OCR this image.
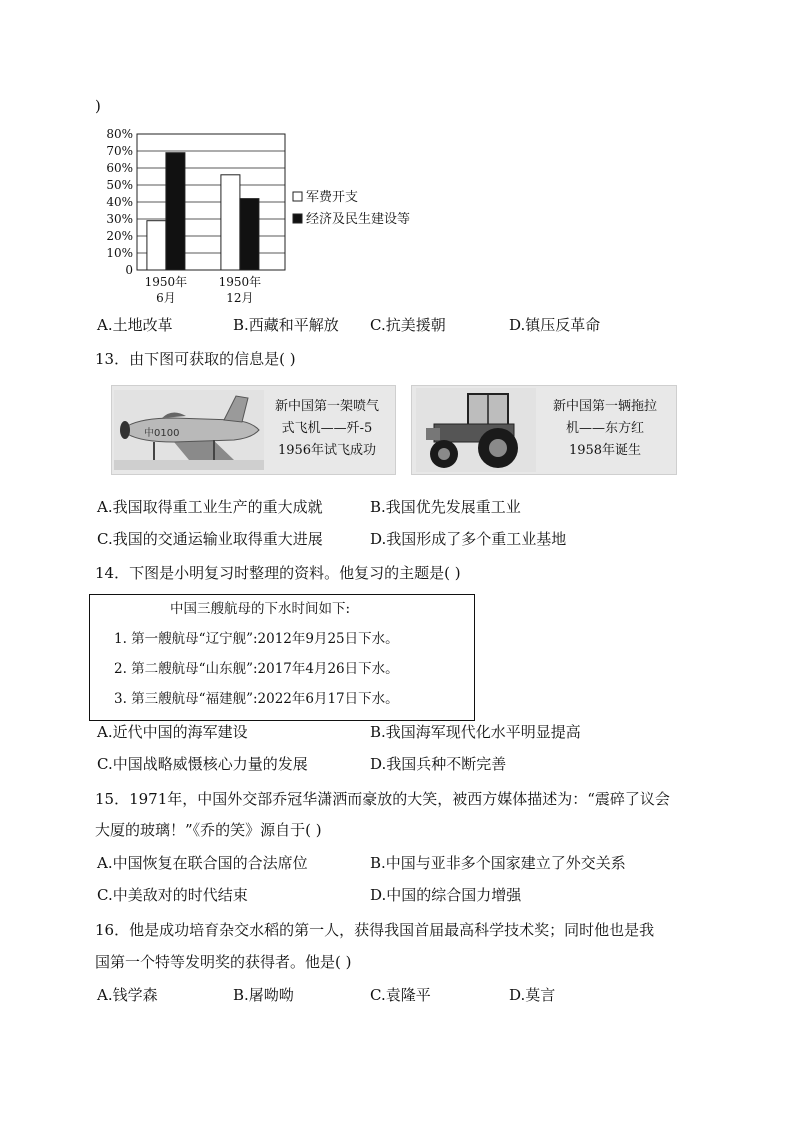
)
0
10%
20%
30%
40%
50%
60%
70%
80%
1950年
6月
1950年
12月
军费开支
经济及民生建设等
A.土地改革	B.西藏和平解放 C.抗美援朝	D.镇压反革命
13．由下图可获取的信息是( )
中0100
新中国第一架喷气
式飞机——歼-5
1956年试飞成功
新中国第一辆拖拉
机——东方红
1958年诞生
A.我国取得重工业生产的重大成就	B.我国优先发展重工业
C.我国的交通运输业取得重大进展	D.我国形成了多个重工业基地
14．下图是小明复习时整理的资料。他复习的主题是( )
中国三艘航母的下水时间如下:
1. 第一艘航母“辽宁舰”:2012年9月25日下水。
2. 第二艘航母“山东舰”:2017年4月26日下水。
3. 第三艘航母“福建舰”:2022年6月17日下水。
A.近代中国的海军建设	B.我国海军现代化水平明显提高
C.中国战略威慑核心力量的发展	D.我国兵种不断完善
15．1971年，中国外交部乔冠华潇洒而豪放的大笑，被西方媒体描述为：“震碎了议会
大厦的玻璃！”《乔的笑》源自于( )
A.中国恢复在联合国的合法席位	B.中国与亚非多个国家建立了外交关系
C.中美敌对的时代结束	D.中国的综合国力增强
16．他是成功培育杂交水稻的第一人，获得我国首届最高科学技术奖；同时他也是我
国第一个特等发明奖的获得者。他是( )
A.钱学森	B.屠呦呦	C.袁隆平	D.莫言
